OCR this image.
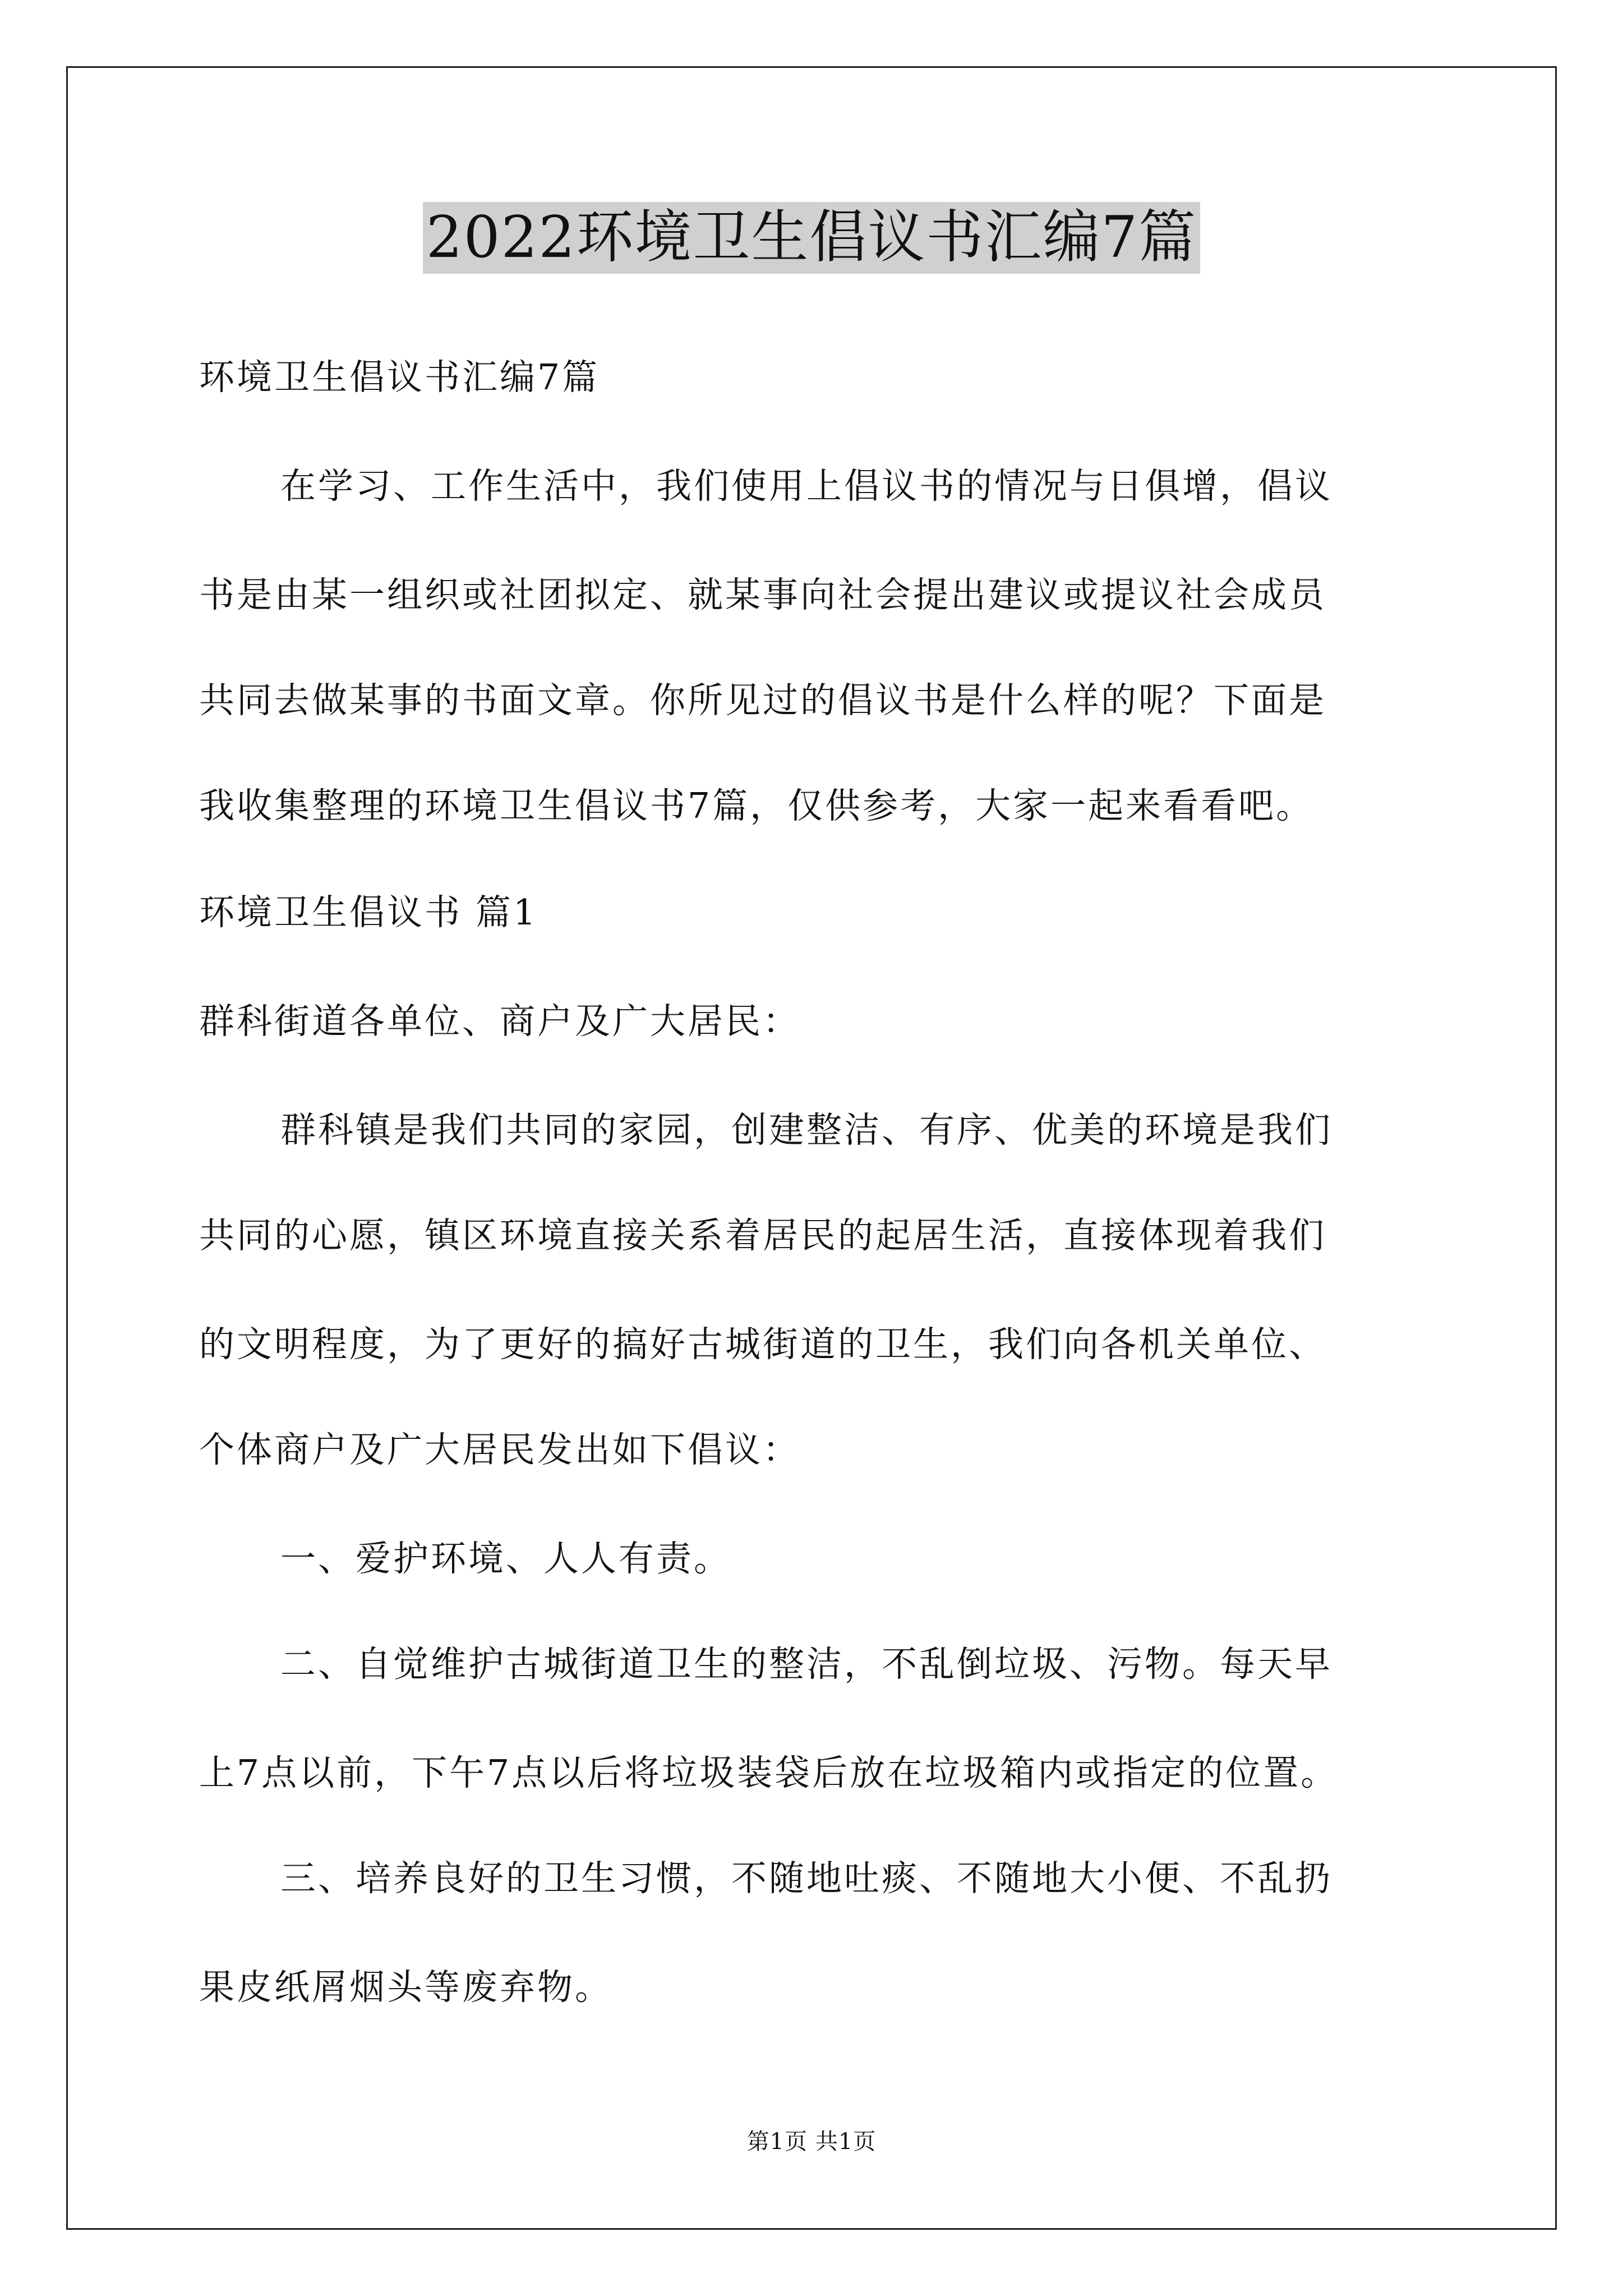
2022环境卫生倡议书汇编7篇
环境卫生倡议书汇编7篇
在学习、工作生活中，我们使用上倡议书的情况与日俱增，倡议
书是由某一组织或社团拟定、就某事向社会提出建议或提议社会成员
共同去做某事的书面文章。你所见过的倡议书是什么样的呢？下面是
我收集整理的环境卫生倡议书7篇，仅供参考，大家一起来看看吧。
环境卫生倡议书 篇1
群科街道各单位、商户及广大居民：
群科镇是我们共同的家园，创建整洁、有序、优美的环境是我们
共同的心愿，镇区环境直接关系着居民的起居生活，直接体现着我们
的文明程度，为了更好的搞好古城街道的卫生，我们向各机关单位、
个体商户及广大居民发出如下倡议：
一、爱护环境、人人有责。
二、自觉维护古城街道卫生的整洁，不乱倒垃圾、污物。每天早
上7点以前，下午7点以后将垃圾装袋后放在垃圾箱内或指定的位置。
三、培养良好的卫生习惯，不随地吐痰、不随地大小便、不乱扔
果皮纸屑烟头等废弃物。
第1页 共1页
